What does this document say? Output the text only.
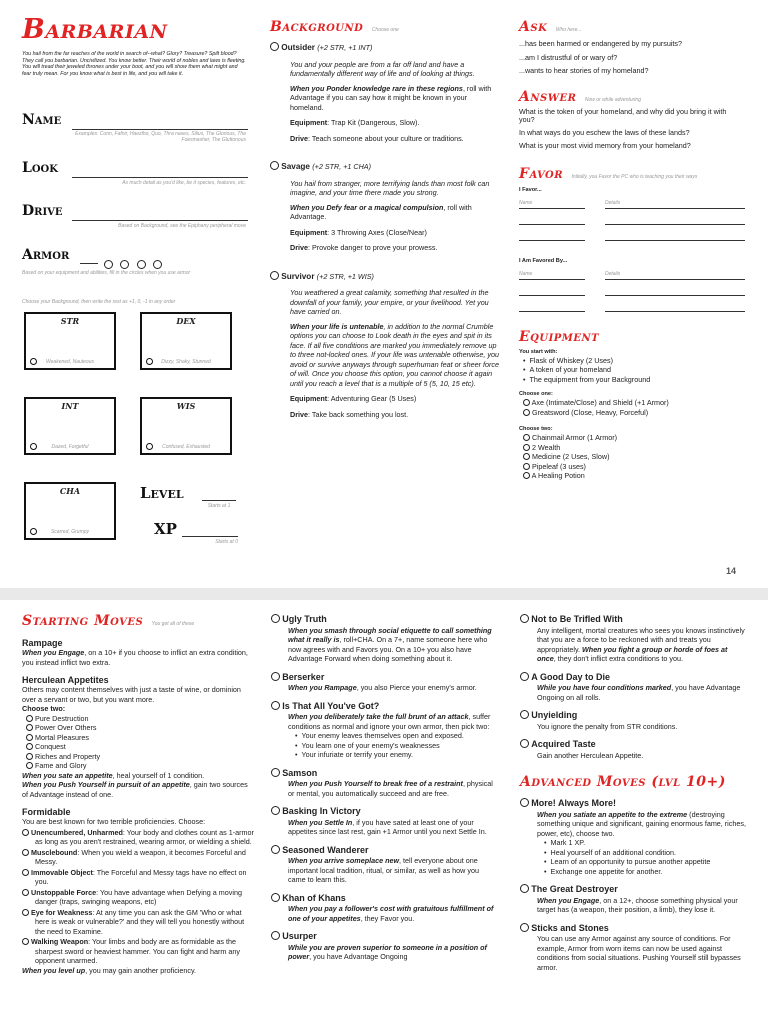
Barbarian
You hail from the far reaches of the world in search of--what? Glory? Treasure? Spilt blood? They call you barbarian. Uncivilized. You know better. Their world of nobles and laws is fleeting. You will tread their jeweled thrones under your boot, and you will show them what might and fear truly mean. For you know what is best in life, and you will take it.
Name
Examples: Conn, Fafnir, Haeztho, Quo, Thra nases, Silius, The Glorious, The Foesmasher, The Gluttonous
Look
As much detail as you'd like, be it species, features, etc.
Drive
Based on Background, see the Epiphany peripheral move
Armor

Based on your equipment and abilities, fill in the circles when you use armor
Choose your Background, then write the rest as +1, 0, -1 in any order
STR
Weakened, Nauteous
DEX
Dizzy, Shaky, Stunned
INT
Dazed, Forgetful
WIS
Confused, Exhausted
CHA
Scarred, Grumpy
Level
Starts at 1
XP
Starts at 0
Background Choose one
Outsider (+2 STR, +1 INT)
You and your people are from a far off land and have a fundamentally different way of life and of looking at things.
When you Ponder knowledge rare in these regions, roll with Advantage if you can say how it might be known in your homeland.
Equipment: Trap Kit (Dangerous, Slow).
Drive: Teach someone about your culture or traditions.
Savage (+2 STR, +1 CHA)
You hail from stranger, more terrifying lands than most folk can imagine, and your time there made you strong.
When you Defy fear or a magical compulsion, roll with Advantage.
Equipment: 3 Throwing Axes (Close/Near)
Drive: Provoke danger to prove your prowess.
Survivor (+2 STR, +1 WIS)
You weathered a great calamity, something that resulted in the downfall of your family, your empire, or your livelihood. Yet you have carried on.
When your life is untenable, in addition to the normal Crumble options you can choose to Look death in the eyes and spit in its face. If all five conditions are marked you immediately remove up to three not-locked ones. If your life was untenable otherwise, you avoid or survive anyways through superhuman feat or sheer force of will. Once you choose this option, you cannot choose it again until you reach a level that is a multiple of 5 (5, 10, 15 etc).
Equipment: Adventuring Gear (5 Uses)
Drive: Take back something you lost.
Ask Who here...
...has been harmed or endangered by my pursuits?
...am I distrustful of or wary of?
...wants to hear stories of my homeland?
Answer Now or while adventuring
What is the token of your homeland, and why did you bring it with you?
In what ways do you eschew the laws of these lands?
What is your most vivid memory from your homeland?
Favor Initially, you Favor the PC who is teaching you their ways
I Favor...
Name	Details
I Am Favored By...
Name	Details
Equipment
You start with:
• Flask of Whiskey (2 Uses)
• A token of your homeland
• The equipment from your Background
Choose one:
Axe (Intimate/Close) and Shield (+1 Armor)
Greatsword (Close, Heavy, Forceful)
Choose two:
Chainmail Armor (1 Armor)
2 Wealth
Medicine (2 Uses, Slow)
Pipeleaf (3 uses)
A Healing Potion
14
Starting Moves You get all of these
Rampage
When you Engage, on a 10+ if you choose to inflict an extra condition, you instead inflict two extra.
Herculean Appetites
Others may content themselves with just a taste of wine, or dominion over a servant or two, but you want more.
Choose two:
Pure Destruction
Power Over Others
Mortal Pleasures
Conquest
Riches and Property
Fame and Glory
When you sate an appetite, heal yourself of 1 condition.
When you Push Yourself in pursuit of an appetite, gain two sources of Advantage instead of one.
Formidable
You are best known for two terrible proficiencies. Choose:
Unencumbered, Unharmed: Your body and clothes count as 1-armor as long as you aren't restrained, wearing armor, or wielding a shield.
Musclebound: When you wield a weapon, it becomes Forceful and Messy.
Immovable Object: The Forceful and Messy tags have no effect on you.
Unstoppable Force: You have advantage when Defying a moving danger (traps, swinging weapons, etc)
Eye for Weakness: At any time you can ask the GM 'Who or what here is weak or vulnerable?' and they will tell you honestly without the need to Examine.
Walking Weapon: Your limbs and body are as formidable as the sharpest sword or heaviest hammer. You can fight and harm any opponent unarmed.
When you level up, you may gain another proficiency.
Ugly Truth
When you smash through social etiquette to call something what it really is, roll+CHA. On a 7+, name someone here who now agrees with and Favors you. On a 10+ you also have Advantage Forward when doing something about it.
Berserker
When you Rampage, you also Pierce your enemy's armor.
Is That All You've Got?
When you deliberately take the full brunt of an attack, suffer conditions as normal and ignore your own armor, then pick two:
• Your enemy leaves themselves open and exposed.
• You learn one of your enemy's weaknesses
• Your infuriate or terrify your enemy.
Samson
When you Push Yourself to break free of a restraint, physical or mental, you automatically succeed and are free.
Basking In Victory
When you Settle In, if you have sated at least one of your appetites since last rest, gain +1 Armor until you next Settle In.
Seasoned Wanderer
When you arrive someplace new, tell everyone about one important local tradition, ritual, or similar, as well as how you came to learn this.
Khan of Khans
When you pay a follower's cost with gratuitous fulfillment of one of your appetites, they Favor you.
Usurper
While you are proven superior to someone in a position of power, you have Advantage Ongoing
Not to Be Trifled With
Any intelligent, mortal creatures who sees you knows instinctively that you are a force to be reckoned with and treats you appropriately. When you fight a group or horde of foes at once, they don't inflict extra conditions to you.
A Good Day to Die
While you have four conditions marked, you have Advantage Ongoing on all rolls.
Unyielding
You ignore the penalty from STR conditions.
Acquired Taste
Gain another Herculean Appetite.
Advanced Moves (lvl 10+)
More! Always More!
When you satiate an appetite to the extreme (destroying something unique and significant, gaining enormous fame, riches, power, etc), choose two.
• Mark 1 XP.
• Heal yourself of an additional condition.
• Learn of an opportunity to pursue another appetite
• Exchange one appetite for another.
The Great Destroyer
When you Engage, on a 12+, choose something physical your target has (a weapon, their position, a limb), they lose it.
Sticks and Stones
You can use any Armor against any source of conditions. For example, Armor from worn items can now be used against conditions from social situations. Pushing Yourself still bypasses armor.
